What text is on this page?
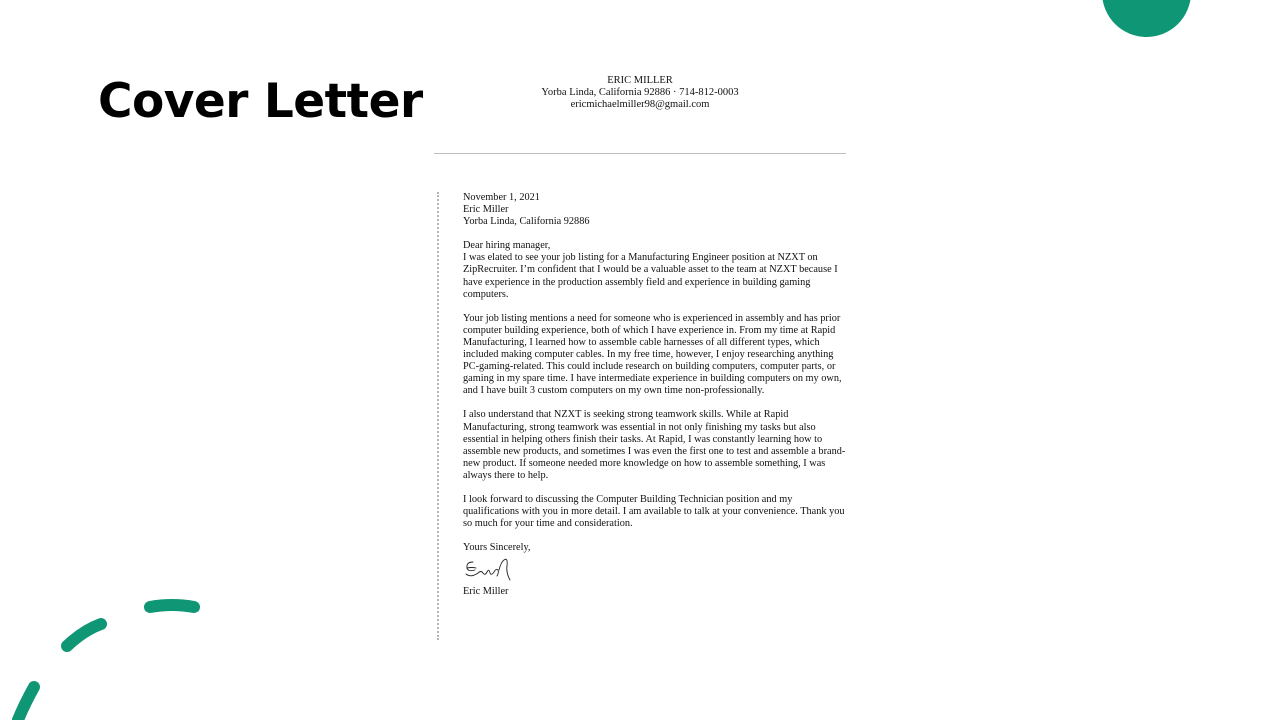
Cover Letter	ERIC MILLER
Yorba Linda, California 92886 · 714-812-0003
ericmichaelmiller98@gmail.com

November 1, 2021

Eric Miller

Yorba Linda, California 92886

Dear hiring manager,

I was elated to see your job listing for a Manufacturing Engineer position at NZXT on ZipRecruiter. I’m confident that I would be a valuable asset to the team at NZXT because I have experience in the production assembly field and experience in building gaming computers.

Your job listing mentions a need for someone who is experienced in assembly and has prior computer building experience, both of which I have experience in. From my time at Rapid Manufacturing, I learned how to assemble cable harnesses of all different types, which included making computer cables. In my free time, however, I enjoy researching anything PC-gaming-related. This could include research on building computers, computer parts, or gaming in my spare time. I have intermediate experience in building computers on my own, and I have built 3 custom computers on my own time non-professionally.

I also understand that NZXT is seeking strong teamwork skills. While at Rapid Manufacturing, strong teamwork was essential in not only finishing my tasks but also essential in helping others finish their tasks. At Rapid, I was constantly learning how to assemble new products, and sometimes I was even the first one to test and assemble a brand-new product. If someone needed more knowledge on how to assemble something, I was always there to help.

I look forward to discussing the Computer Building Technician position and my qualifications with you in more detail. I am available to talk at your convenience. Thank you so much for your time and consideration.

Yours Sincerely,

Eric Miller
